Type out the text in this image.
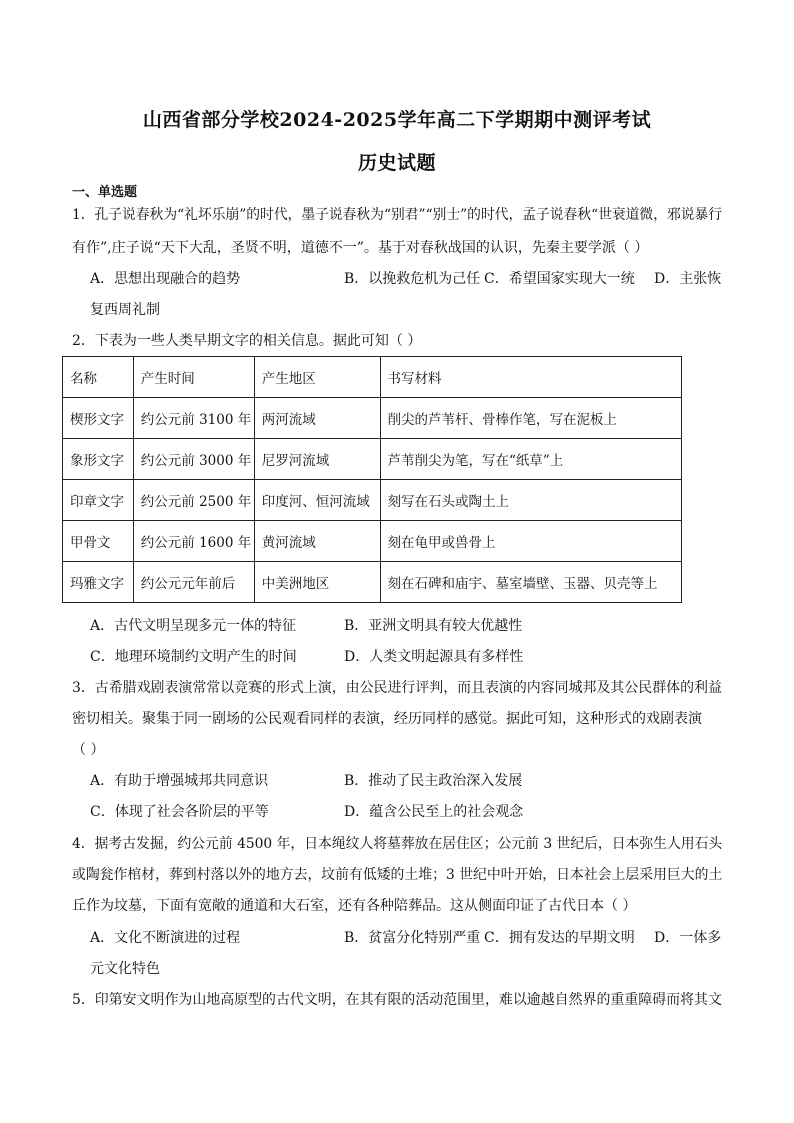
山西省部分学校2024-2025学年高二下学期期中测评考试
历史试题
一、单选题
1．孔子说春秋为“礼坏乐崩”的时代，墨子说春秋为“别君”“别士”的时代，孟子说春秋“世衰道微，邪说暴行
有作”,庄子说“天下大乱，圣贤不明，道德不一”。基于对春秋战国的认识，先秦主要学派（ ）
A．思想出现融合的趋势	B．以挽救危机为己任 C．希望国家实现大一统 D．主张恢
复西周礼制
2．下表为一些人类早期文字的相关信息。据此可知（ ）
名称	产生时间	产生地区	书写材料
楔形文字	约公元前 3100 年	两河流域	削尖的芦苇杆、骨棒作笔，写在泥板上
象形文字	约公元前 3000 年	尼罗河流域	芦苇削尖为笔，写在“纸草”上
印章文字	约公元前 2500 年	印度河、恒河流域	刻写在石头或陶土上
甲骨文	约公元前 1600 年	黄河流域	刻在龟甲或兽骨上
玛雅文字	约公元元年前后	中美洲地区	刻在石碑和庙宇、墓室墙壁、玉器、贝壳等上
A．古代文明呈现多元一体的特征	B．亚洲文明具有较大优越性
C．地理环境制约文明产生的时间	D．人类文明起源具有多样性
3．古希腊戏剧表演常常以竞赛的形式上演，由公民进行评判，而且表演的内容同城邦及其公民群体的利益
密切相关。聚集于同一剧场的公民观看同样的表演，经历同样的感觉。据此可知，这种形式的戏剧表演
（ ）
A．有助于增强城邦共同意识	B．推动了民主政治深入发展
C．体现了社会各阶层的平等	D．蕴含公民至上的社会观念
4．据考古发掘，约公元前 4500 年，日本绳纹人将墓葬放在居住区；公元前 3 世纪后，日本弥生人用石头
或陶瓮作棺材，葬到村落以外的地方去，坟前有低矮的土堆；3 世纪中叶开始，日本社会上层采用巨大的土
丘作为坟墓，下面有宽敞的通道和大石室，还有各种陪葬品。这从侧面印证了古代日本（ ）
A．文化不断演进的过程	B．贫富分化特别严重 C．拥有发达的早期文明 D．一体多
元文化特色
5．印第安文明作为山地高原型的古代文明，在其有限的活动范围里，难以逾越自然界的重重障碍而将其文
